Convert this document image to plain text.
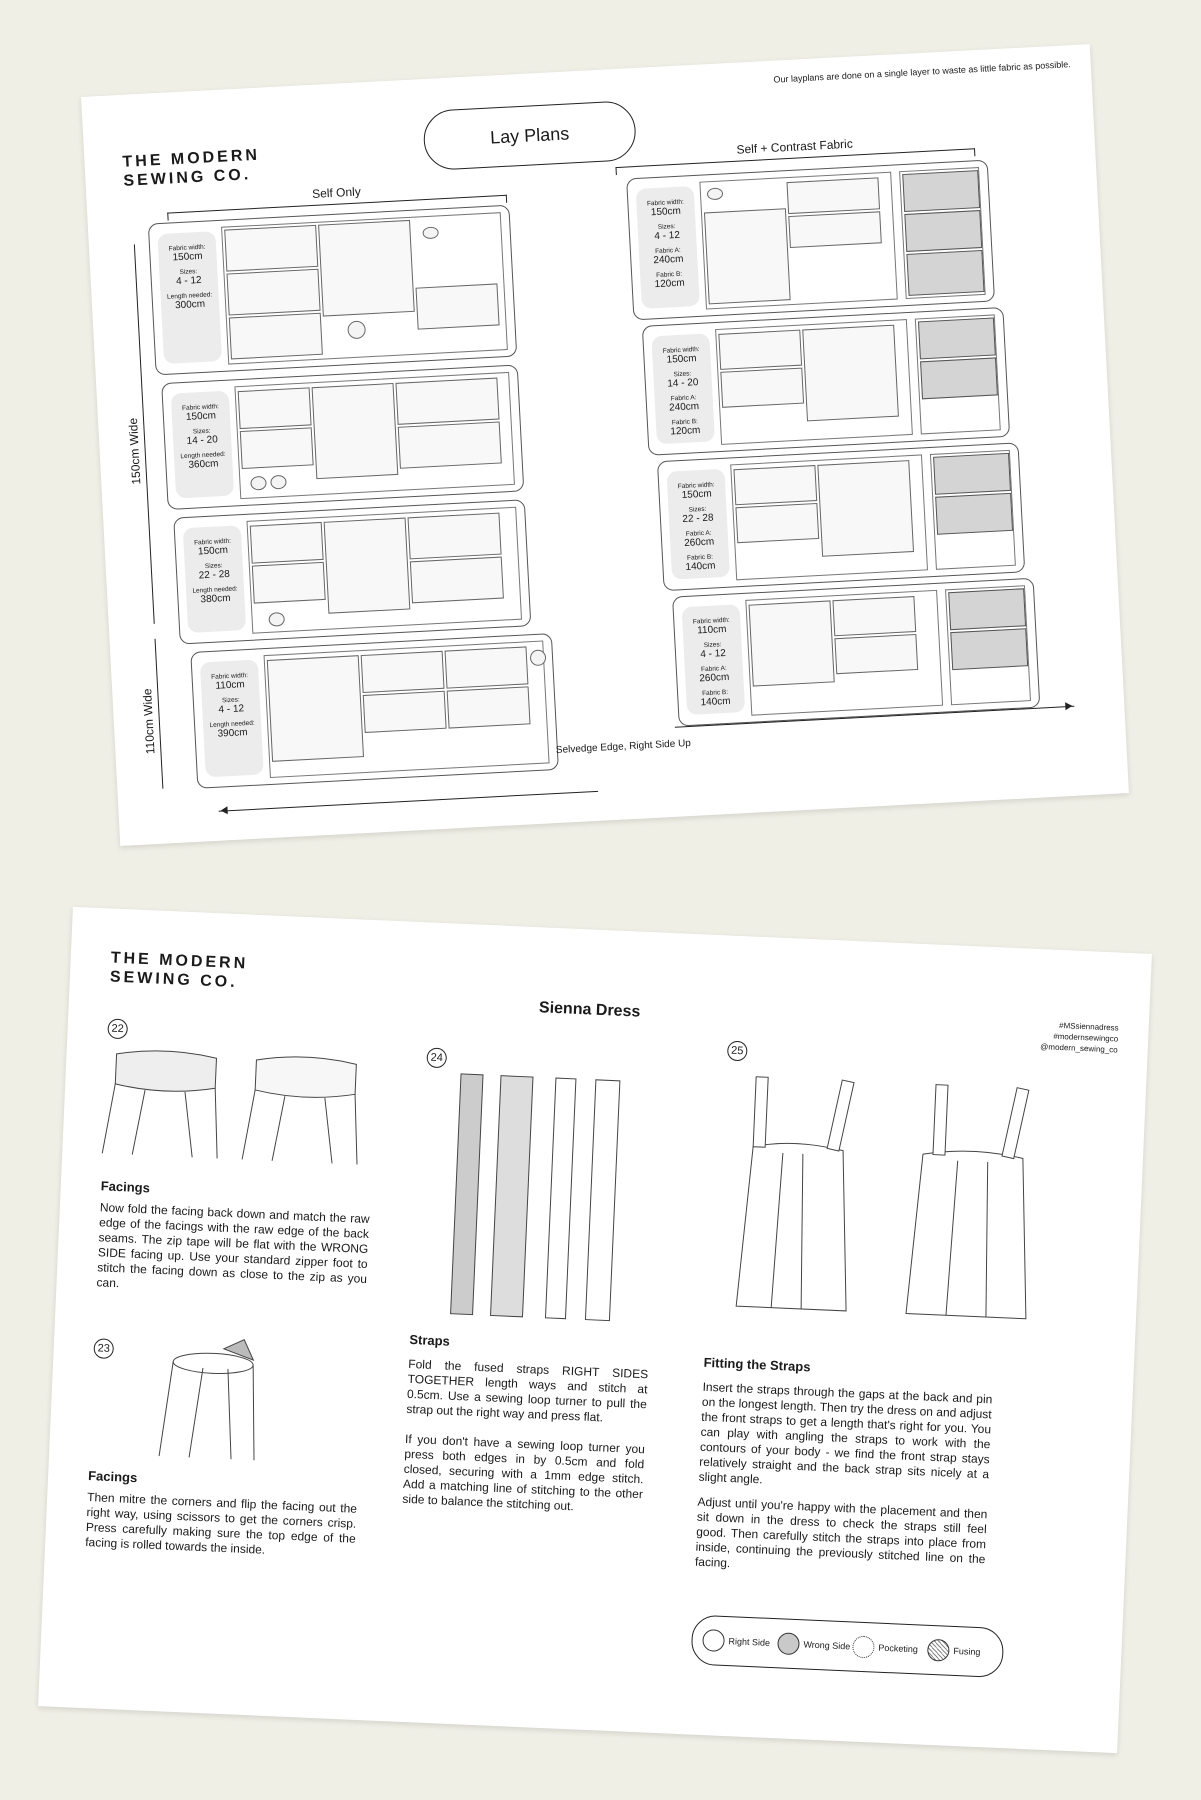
THE MODERN
SEWING CO.
Our layplans are done on a single layer to waste as little fabric as possible.
Lay Plans
Self Only
Self + Contrast Fabric
150cm Wide
110cm Wide
Fabric width:
150cm
Sizes:
4 - 12
Length needed:
300cm
Fabric width:
150cm
Sizes:
14 - 20
Length needed:
360cm
Fabric width:
150cm
Sizes:
22 - 28
Length needed:
380cm
Fabric width:
110cm
Sizes:
4 - 12
Length needed:
390cm
Fabric width:
150cm
Sizes:
4 - 12
Fabric A:
240cm
Fabric B:
120cm
Fabric width:
150cm
Sizes:
14 - 20
Fabric A:
240cm
Fabric B:
120cm
Fabric width:
150cm
Sizes:
22 - 28
Fabric A:
260cm
Fabric B:
140cm
Fabric width:
110cm
Sizes:
4 - 12
Fabric A:
260cm
Fabric B:
140cm
Selvedge Edge, Right Side Up
THE MODERN
SEWING CO.
Sienna Dress
#MSsiennadress
#modernsewingco
@modern_sewing_co
22
Facings
Now fold the facing back down and match the raw edge of the facings with the raw edge of the back seams. The zip tape will be flat with the WRONG SIDE facing up. Use your standard zipper foot to stitch the facing down as close to the zip as you can.
23
Facings
Then mitre the corners and flip the facing out the right way, using scissors to get the corners crisp. Press carefully making sure the top edge of the facing is rolled towards the inside.
24
Straps
Fold the fused straps RIGHT SIDES TOGETHER length ways and stitch at 0.5cm. Use a sewing loop turner to pull the strap out the right way and press flat.
If you don't have a sewing loop turner you press both edges in by 0.5cm and fold closed, securing with a 1mm edge stitch. Add a matching line of stitching to the other side to balance the stitching out.
25
Fitting the Straps
Insert the straps through the gaps at the back and pin on the longest length. Then try the dress on and adjust the front straps to get a length that's right for you. You can play with angling the straps to work with the contours of your body - we find the front strap stays relatively straight and the back strap sits nicely at a slight angle.
Adjust until you're happy with the placement and then sit down in the dress to check the straps still feel good. Then carefully stitch the straps into place from inside, continuing the previously stitched line on the facing.
Right Side	Wrong Side	Pocketing	Fusing
